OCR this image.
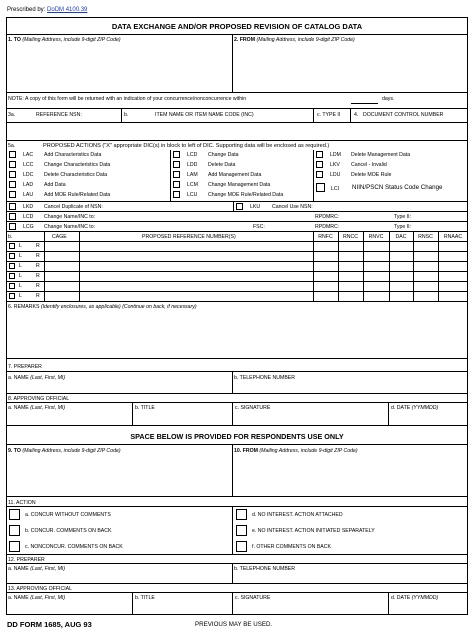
Prescribed by: DoDM 4100.39
DATA EXCHANGE AND/OR PROPOSED REVISION OF CATALOG DATA
1. TO (Mailing Address, include 9-digit ZIP Code)	2. FROM (Mailing Address, include 9-digit ZIP Code)
NOTE: A copy of this form will be returned with an indication of your concurrence/nonconcurrence within	days.
3a.	REFERENCE NSN:	b.	ITEM NAME OR ITEM NAME CODE (INC)	c. TYPE II	4. DOCUMENT CONTROL NUMBER
5a.	PROPOSED ACTIONS ("X" appropriate DIC(s) in block to left of DIC. Supporting data will be enclosed as required.)
LAC Add Characteristics Data
LCC Change Characteristics Data
LDC Delete Characteristics Data
LAD Add Data
LAU Add MOE Rule/Related Data
LCD Change Data
LDD Delete Data
LAM Add Management Data
LCM Change Management Data
LCU Change MOE Rule/Related Data
LDM Delete Management Data
LKV Cancel - Invalid
LDU Delete MOE Rule
LCI NIIN/PSCN Status Code Change
LKD Cancel Duplicate of NSN:	LKU Cancel Use NSN:
LCD Change Name/INC to:	RPDMRC:	Type II:
LCG Change Name/INC to:	FSC:	RPDMRC:	Type II:
b.	CAGE	PROPOSED REFERENCE NUMBER(S)	RNFC	RNCC	RNVC	DAC	RNSC	RNAAC
L	R
L	R
L	R
L	R
L	R
L	R
6. REMARKS (Identify enclosures, as applicable) (Continue on back, if necessary)
7. PREPARER
a. NAME (Last, First, MI)	b. TELEPHONE NUMBER
8. APPROVING OFFICIAL
a. NAME (Last, First, MI)	b. TITLE	c. SIGNATURE	d. DATE (YYMMDD)
SPACE BELOW IS PROVIDED FOR RESPONDENTS USE ONLY
9. TO (Mailing Address, include 9-digit ZIP Code)	10. FROM (Mailing Address, include 9-digit ZIP Code)
11. ACTION
a. CONCUR WITHOUT COMMENTS
b. CONCUR. COMMENTS ON BACK
c. NONCONCUR. COMMENTS ON BACK
d. NO INTEREST. ACTION ATTACHED
e. NO INTEREST. ACTION INITIATED SEPARATELY
f. OTHER COMMENTS ON BACK
12. PREPARER
a. NAME (Last, First, MI)	b. TELEPHONE NUMBER
13. APPROVING OFFICIAL
a. NAME (Last, First, MI)	b. TITLE	c. SIGNATURE	d. DATE (YYMMDD)
DD FORM 1685, AUG 93	PREVIOUS MAY BE USED.
